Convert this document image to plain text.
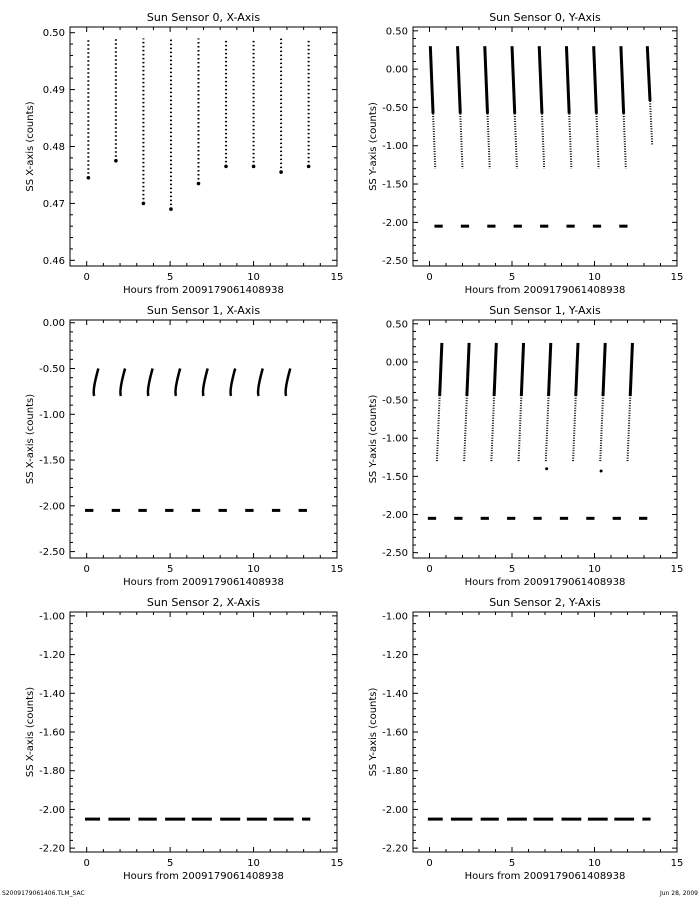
Sun Sensor 0, X-Axis
0	5	10	15
0.46
0.47
0.48
0.49
0.50
Hours from 2009179061408938
SS X-axis (counts)
Sun Sensor 0, Y-Axis
0	5	10	15
-2.50
-2.00
-1.50
-1.00
-0.50
0.00
0.50
Hours from 2009179061408938
SS Y-axis (counts)
Sun Sensor 1, X-Axis
0	5	10	15
-2.50
-2.00
-1.50
-1.00
-0.50
0.00
Hours from 2009179061408938
SS X-axis (counts)
Sun Sensor 1, Y-Axis
0	5	10	15
-2.50
-2.00
-1.50
-1.00
-0.50
0.00
0.50
Hours from 2009179061408938
SS Y-axis (counts)
Sun Sensor 2, X-Axis
0	5	10	15
-2.20
-2.00
-1.80
-1.60
-1.40
-1.20
-1.00
Hours from 2009179061408938
SS X-axis (counts)
Sun Sensor 2, Y-Axis
0	5	10	15
-2.20
-2.00
-1.80
-1.60
-1.40
-1.20
-1.00
Hours from 2009179061408938
SS Y-axis (counts)
S2009179061406.TLM_SAC	Jun 28, 2009
